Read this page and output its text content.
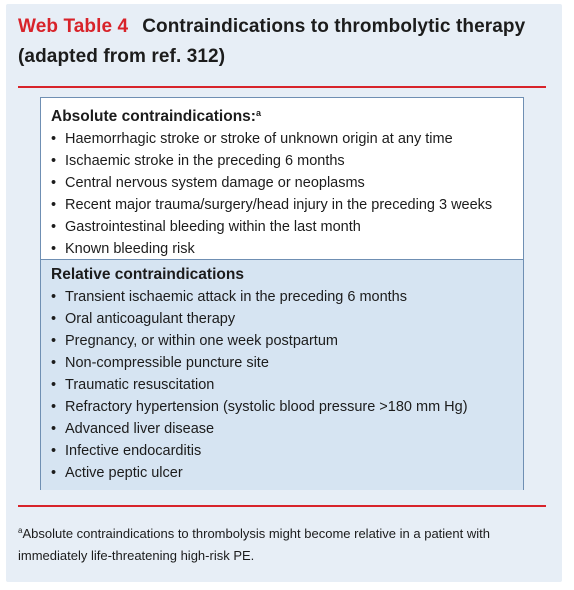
Web Table 4 Contraindications to thrombolytic therapy (adapted from ref. 312)

Absolute contraindications:$^a$

• Haemorrhagic stroke or stroke of unknown origin at any time
• Ischaemic stroke in the preceding 6 months
• Central nervous system damage or neoplasms
• Recent major trauma/surgery/head injury in the preceding 3 weeks
• Gastrointestinal bleeding within the last month
• Known bleeding risk

Relative contraindications

• Transient ischaemic attack in the preceding 6 months
• Oral anticoagulant therapy
• Pregnancy, or within one week postpartum
• Non-compressible puncture site
• Traumatic resuscitation
• Refractory hypertension (systolic blood pressure >180 mm Hg)
• Advanced liver disease
• Infective endocarditis
• Active peptic ulcer
$^a$Absolute contraindications to thrombolysis might become relative in a patient with immediately life-threatening high-risk PE.
